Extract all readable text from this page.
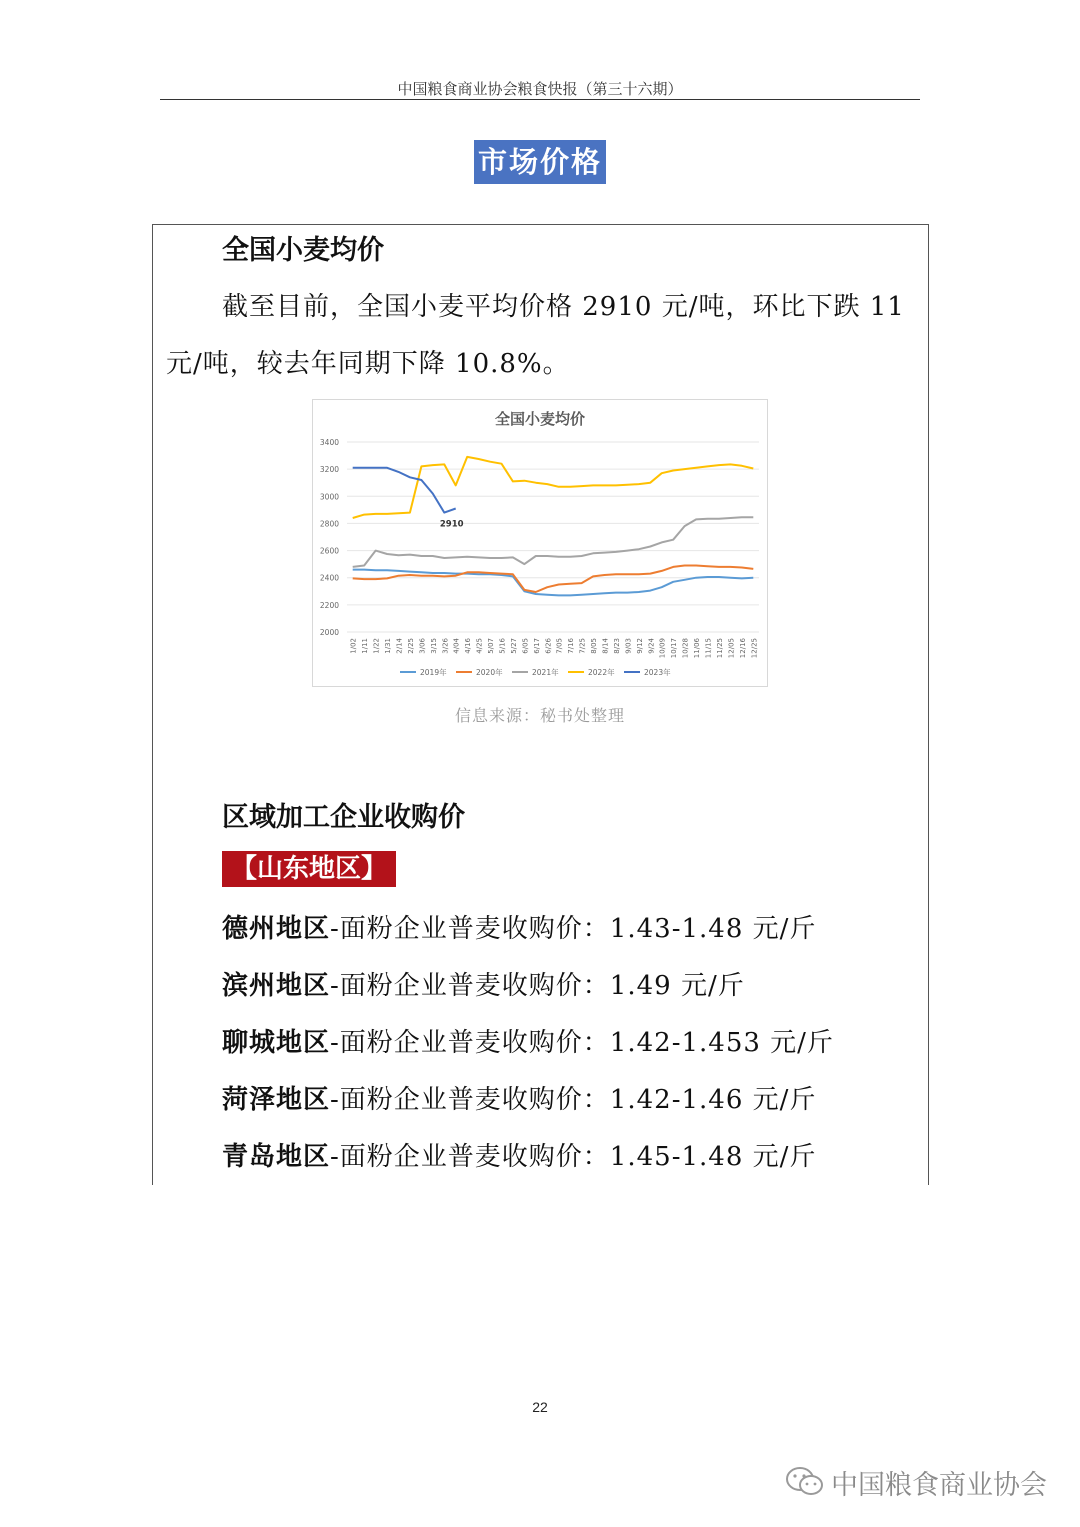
中国粮食商业协会粮食快报（第三十六期）
市场价格
全国小麦均价
截至目前，全国小麦平均价格 2910 元/吨，环比下跌 11
元/吨，较去年同期下降 10.8%。
全国小麦均价
3400
3200
3000
2800
2600
2400
2200
2000
1/02 1/11 1/22 1/31 2/14 2/25 3/06 3/15 3/26 4/04 4/16 4/25 5/07 5/16 5/27 6/05 6/17 6/26 7/05 7/16 7/25 8/05 8/14 8/23 9/03 9/12 9/24 10/09 10/17 10/28 11/06 11/15 11/25 12/05 12/16 12/25
2910
2019年	2020年	2021年	2022年	2023年
信息来源：秘书处整理
区域加工企业收购价
【山东地区】
德州地区-面粉企业普麦收购价：1.43-1.48 元/斤
滨州地区-面粉企业普麦收购价：1.49 元/斤
聊城地区-面粉企业普麦收购价：1.42-1.453 元/斤
菏泽地区-面粉企业普麦收购价：1.42-1.46 元/斤
青岛地区-面粉企业普麦收购价：1.45-1.48 元/斤
22
中国粮食商业协会
